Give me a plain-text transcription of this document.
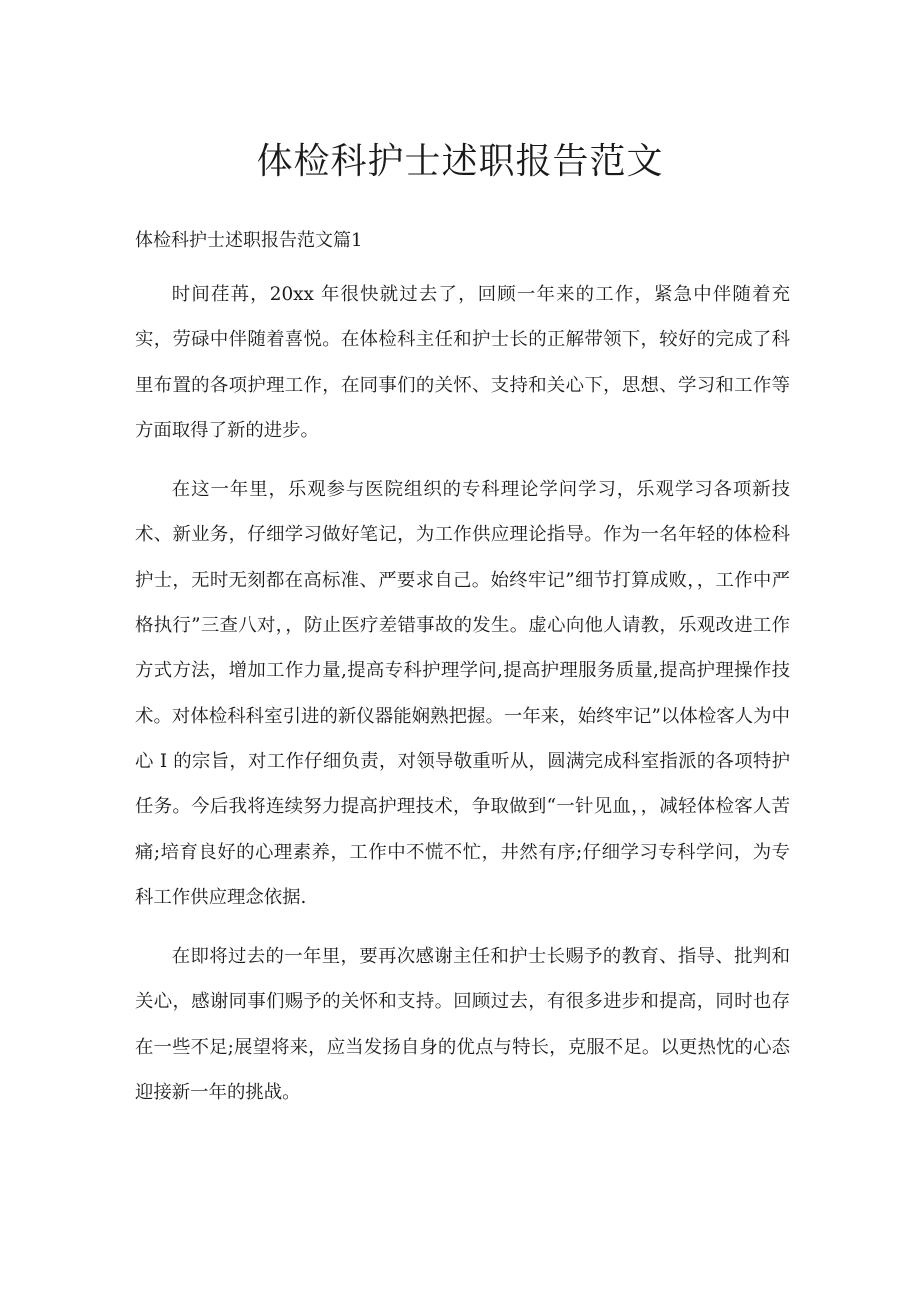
体检科护士述职报告范文

体检科护士述职报告范文篇1

时间荏苒，20xx 年很快就过去了，回顾一年来的工作，紧急中伴随着充实，劳碌中伴随着喜悦。在体检科主任和护士长的正解带领下，较好的完成了科里布置的各项护理工作，在同事们的关怀、支持和关心下，思想、学习和工作等方面取得了新的进步。

在这一年里，乐观参与医院组织的专科理论学问学习，乐观学习各项新技术、新业务，仔细学习做好笔记，为工作供应理论指导。作为一名年轻的体检科护士，无时无刻都在高标准、严要求自己。始终牢记”细节打算成败，，工作中严格执行”三查八对，，防止医疗差错事故的发生。虚心向他人请教，乐观改进工作方式方法，增加工作力量,提高专科护理学问,提高护理服务质量,提高护理操作技术。对体检科科室引进的新仪器能娴熟把握。一年来，始终牢记”以体检客人为中心 I 的宗旨，对工作仔细负责，对领导敬重听从，圆满完成科室指派的各项特护任务。今后我将连续努力提高护理技术，争取做到“一针见血，，减轻体检客人苦痛;培育良好的心理素养，工作中不慌不忙，井然有序;仔细学习专科学问，为专科工作供应理念依据.

在即将过去的一年里，要再次感谢主任和护士长赐予的教育、指导、批判和关心，感谢同事们赐予的关怀和支持。回顾过去，有很多进步和提高，同时也存在一些不足;展望将来，应当发扬自身的优点与特长，克服不足。以更热忱的心态迎接新一年的挑战。
